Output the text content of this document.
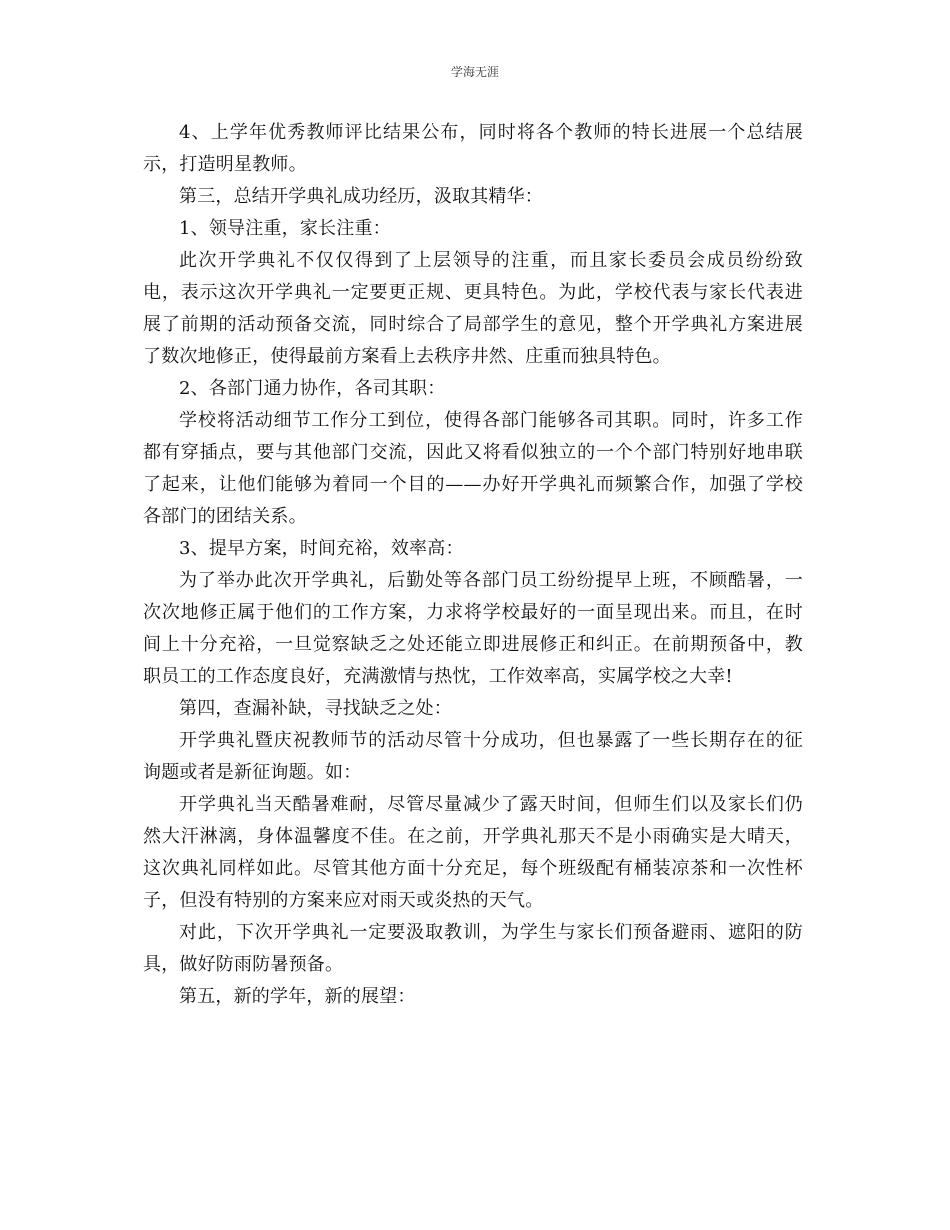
学海无涯
4、上学年优秀教师评比结果公布，同时将各个教师的特长进展一个总结展
示，打造明星教师。
第三，总结开学典礼成功经历，汲取其精华：
1、领导注重，家长注重：
此次开学典礼不仅仅得到了上层领导的注重，而且家长委员会成员纷纷致
电，表示这次开学典礼一定要更正规、更具特色。为此，学校代表与家长代表进
展了前期的活动预备交流，同时综合了局部学生的意见，整个开学典礼方案进展
了数次地修正，使得最前方案看上去秩序井然、庄重而独具特色。
2、各部门通力协作，各司其职：
学校将活动细节工作分工到位，使得各部门能够各司其职。同时，许多工作
都有穿插点，要与其他部门交流，因此又将看似独立的一个个部门特别好地串联
了起来，让他们能够为着同一个目的——办好开学典礼而频繁合作，加强了学校
各部门的团结关系。
3、提早方案，时间充裕，效率高：
为了举办此次开学典礼，后勤处等各部门员工纷纷提早上班，不顾酷暑，一
次次地修正属于他们的工作方案，力求将学校最好的一面呈现出来。而且，在时
间上十分充裕，一旦觉察缺乏之处还能立即进展修正和纠正。在前期预备中，教
职员工的工作态度良好，充满激情与热忱，工作效率高，实属学校之大幸!
第四，查漏补缺，寻找缺乏之处：
开学典礼暨庆祝教师节的活动尽管十分成功，但也暴露了一些长期存在的征
询题或者是新征询题。如：
开学典礼当天酷暑难耐，尽管尽量减少了露天时间，但师生们以及家长们仍
然大汗淋漓，身体温馨度不佳。在之前，开学典礼那天不是小雨确实是大晴天，
这次典礼同样如此。尽管其他方面十分充足，每个班级配有桶装凉茶和一次性杯
子，但没有特别的方案来应对雨天或炎热的天气。
对此，下次开学典礼一定要汲取教训，为学生与家长们预备避雨、遮阳的防
具，做好防雨防暑预备。
第五，新的学年，新的展望：
